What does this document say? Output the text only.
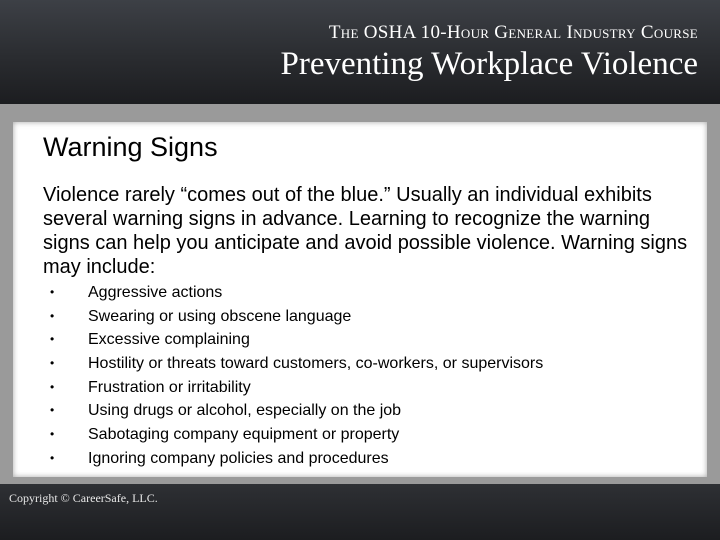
The OSHA 10-Hour General Industry Course
Preventing Workplace Violence
Warning Signs
Violence rarely “comes out of the blue.” Usually an individual exhibits several warning signs in advance. Learning to recognize the warning signs can help you anticipate and avoid possible violence. Warning signs may include:
• Aggressive actions
• Swearing or using obscene language
• Excessive complaining
• Hostility or threats toward customers, co-workers, or supervisors
• Frustration or irritability
• Using drugs or alcohol, especially on the job
• Sabotaging company equipment or property
• Ignoring company policies and procedures
Copyright © CareerSafe, LLC.
